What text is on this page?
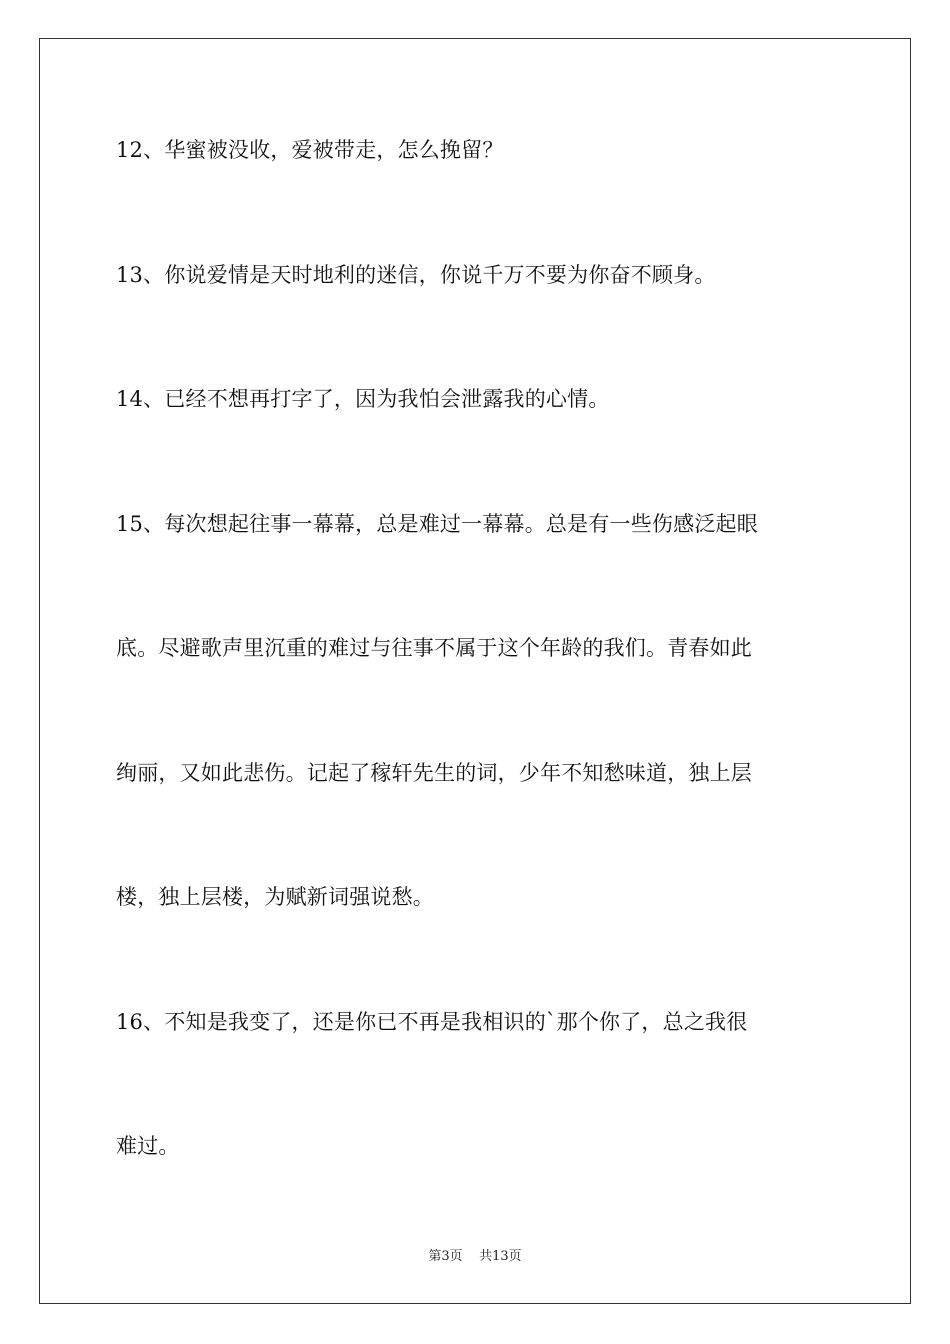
12、华蜜被没收，爱被带走，怎么挽留？
13、你说爱情是天时地利的迷信，你说千万不要为你奋不顾身。
14、已经不想再打字了，因为我怕会泄露我的心情。
15、每次想起往事一幕幕，总是难过一幕幕。总是有一些伤感泛起眼
底。尽避歌声里沉重的难过与往事不属于这个年龄的我们。青春如此
绚丽，又如此悲伤。记起了稼轩先生的词，少年不知愁味道，独上层
楼，独上层楼，为赋新词强说愁。
16、不知是我变了，还是你已不再是我相识的`那个你了，总之我很
难过。
第3页 共13页
